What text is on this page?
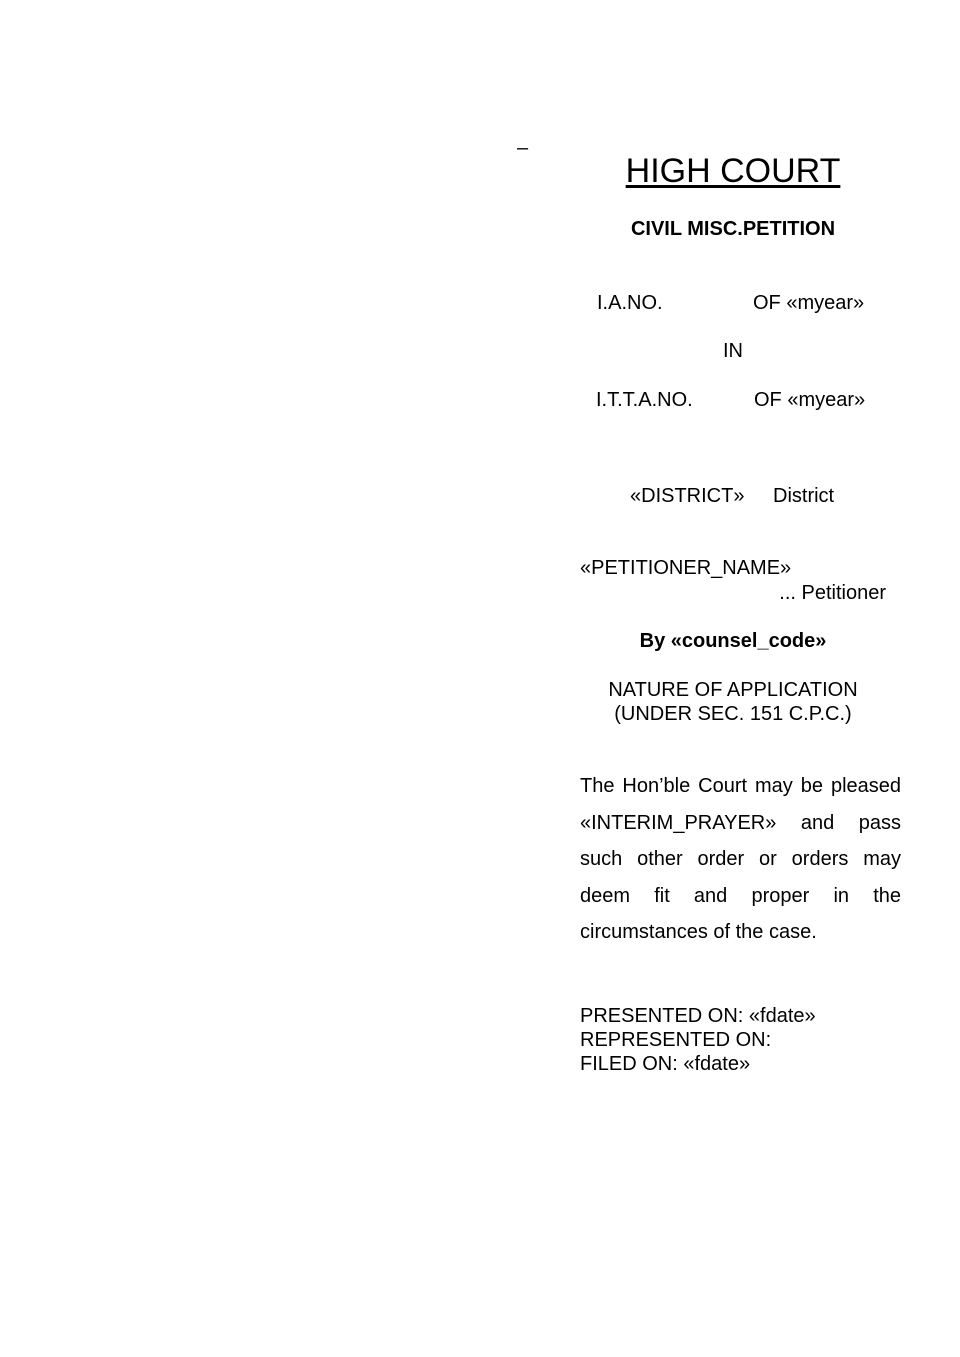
–
HIGH COURT
CIVIL MISC.PETITION
I.A.NO.	OF «myear»
IN
I.T.T.A.NO.	OF «myear»
«DISTRICT» District
«PETITIONER_NAME»
... Petitioner
By «counsel_code»
NATURE OF APPLICATION
(UNDER SEC. 151 C.P.C.)
The Hon’ble Court may be pleased «INTERIM_PRAYER» and pass such other order or orders may deem fit and proper in the circumstances of the case.
PRESENTED ON: «fdate»
REPRESENTED ON:
FILED ON: «fdate»
